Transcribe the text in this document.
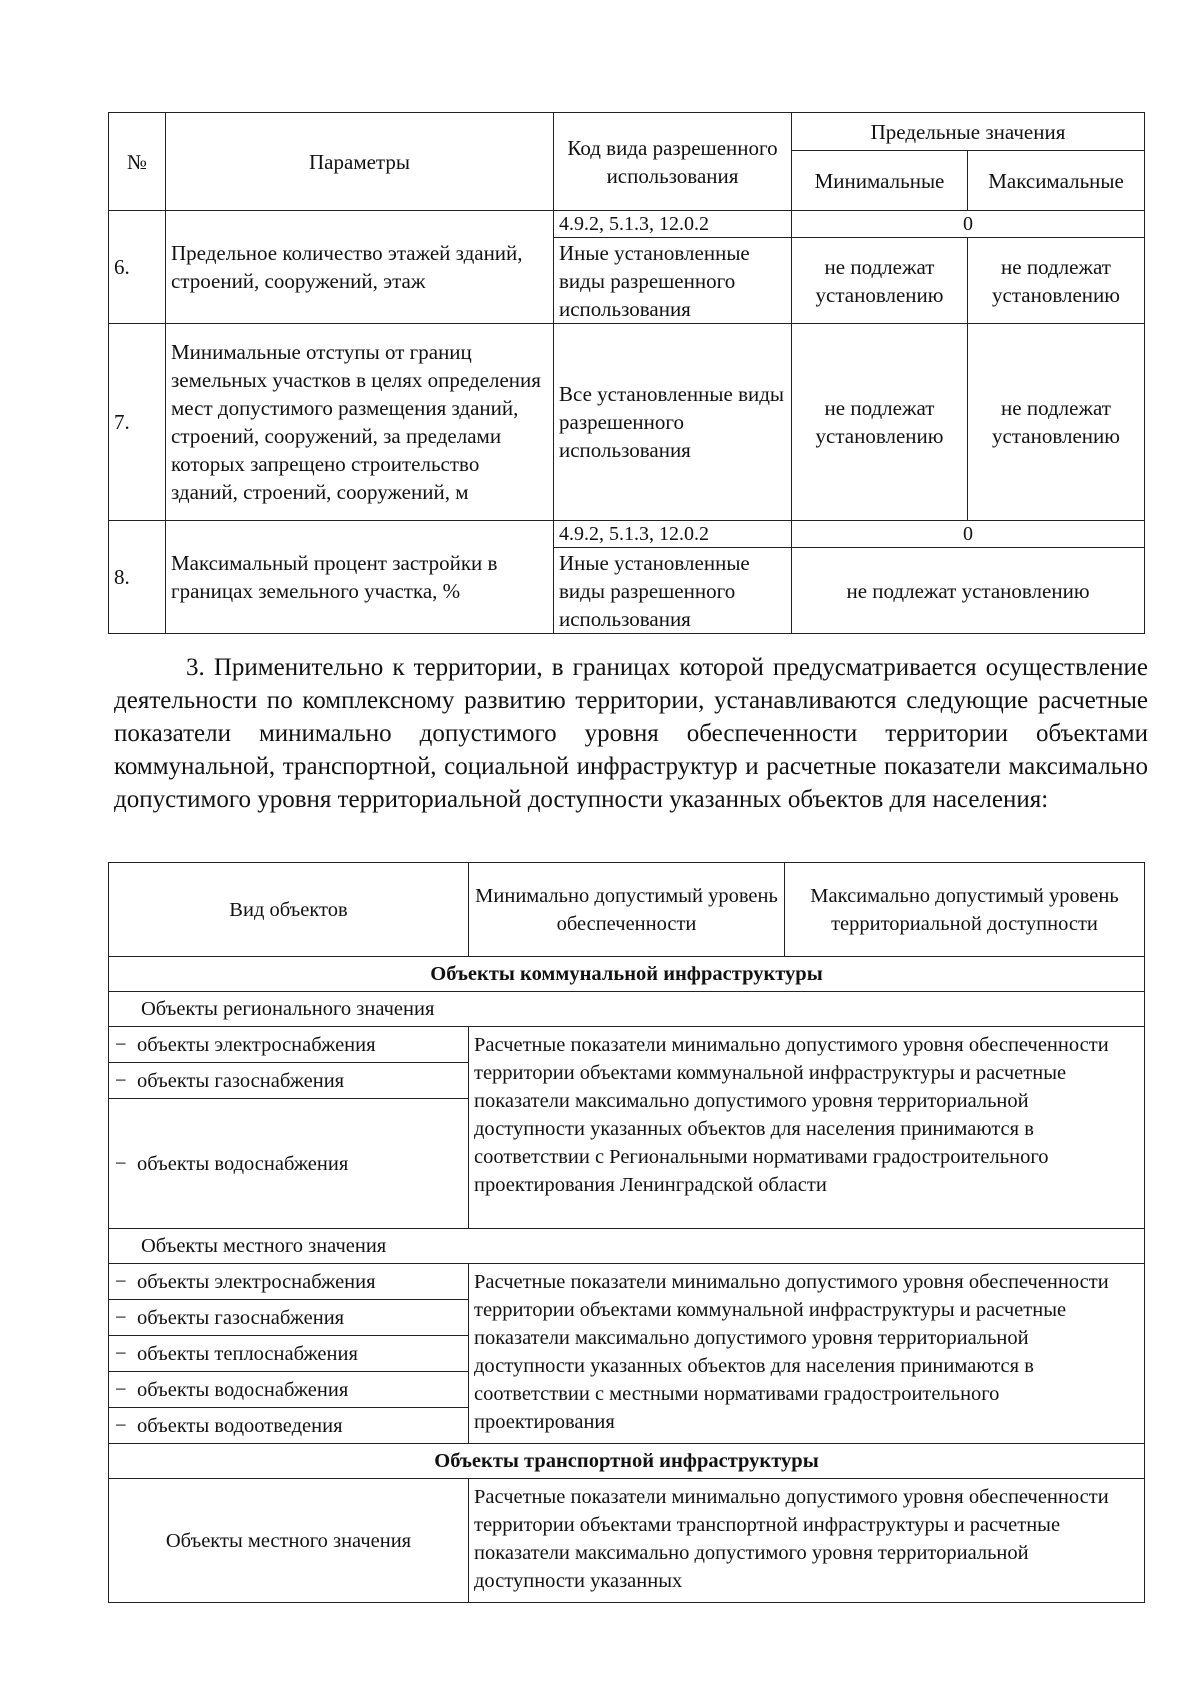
№	Параметры	Код вида разрешенного использования	Предельные значения	
			Минимальные	Максимальные
6.	Предельное количество этажей зданий, строений, сооружений, этаж	4.9.2, 5.1.3, 12.0.2	0	
		Иные установленные виды разрешенного использования	не подлежат установлению	не подлежат установлению
7.	Минимальные отступы от границ земельных участков в целях определения мест допустимого размещения зданий, строений, сооружений, за пределами которых запрещено строительство зданий, строений, сооружений, м	Все установленные виды разрешенного использования	не подлежат установлению	не подлежат установлению
8.	Максимальный процент застройки в границах земельного участка, %	4.9.2, 5.1.3, 12.0.2	0	
		Иные установленные виды разрешенного использования	не подлежат установлению	

3. Применительно к территории, в границах которой предусматривается осуществление деятельности по комплексному развитию территории, устанавливаются следующие расчетные показатели минимально допустимого уровня обеспеченности территории объектами коммунальной, транспортной, социальной инфраструктур и расчетные показатели максимально допустимого уровня территориальной доступности указанных объектов для населения:

Вид объектов	Минимально допустимый уровень обеспеченности	Максимально допустимый уровень территориальной доступности
Объекты коммунальной инфраструктуры		
Объекты регионального значения		
− объекты электроснабжения	Расчетные показатели минимально допустимого уровня обеспеченности территории объектами коммунальной инфраструктуры и расчетные показатели максимально допустимого уровня территориальной доступности указанных объектов для населения принимаются в соответствии с Региональными нормативами градостроительного проектирования Ленинградской области	
− объекты газоснабжения		
− объекты водоснабжения		
Объекты местного значения		
− объекты электроснабжения	Расчетные показатели минимально допустимого уровня обеспеченности территории объектами коммунальной инфраструктуры и расчетные показатели максимально допустимого уровня территориальной доступности указанных объектов для населения принимаются в соответствии с местными нормативами градостроительного проектирования	
− объекты газоснабжения		
− объекты теплоснабжения		
− объекты водоснабжения		
− объекты водоотведения		
Объекты транспортной инфраструктуры		
Объекты местного значения	Расчетные показатели минимально допустимого уровня обеспеченности территории объектами транспортной инфраструктуры и расчетные показатели максимально допустимого уровня территориальной доступности указанных	
